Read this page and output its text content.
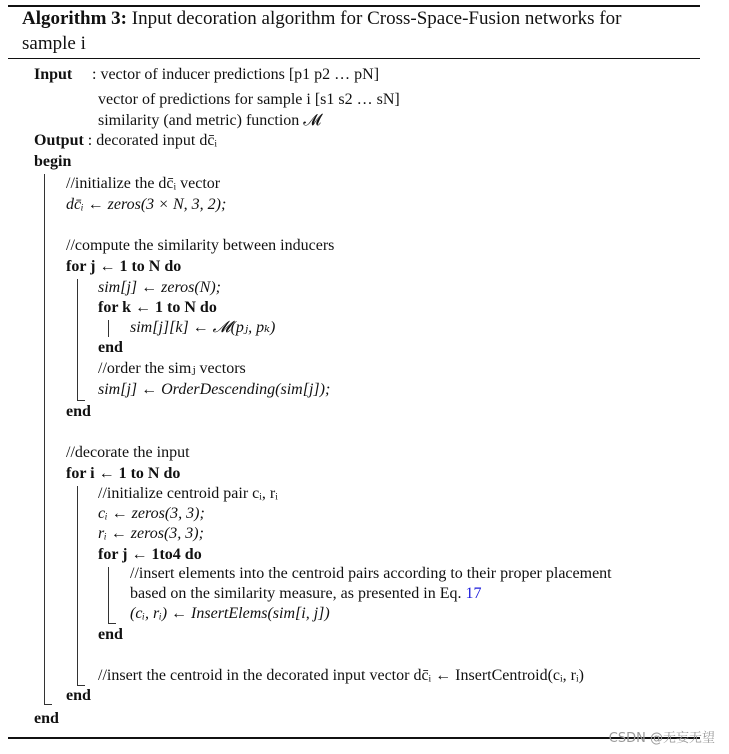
Algorithm 3: Input decoration algorithm for Cross-Space-Fusion networks for
sample i
Input : vector of inducer predictions [p1 p2 … pN]
vector of predictions for sample i [s1 s2 … sN]
similarity (and metric) function 𝓜
Output : decorated input dc̄ᵢ
begin
//initialize the dc̄ᵢ vector
dc̄ᵢ ← zeros(3 × N, 3, 2);
//compute the similarity between inducers
for j ← 1 to N do
sim[j] ← zeros(N);
for k ← 1 to N do
sim[j][k] ← 𝓜(pⱼ, pₖ)
end
//order the simⱼ vectors
sim[j] ← OrderDescending(sim[j]);
end
//decorate the input
for i ← 1 to N do
//initialize centroid pair cᵢ, rᵢ
cᵢ ← zeros(3, 3);
rᵢ ← zeros(3, 3);
for j ← 1to4 do
//insert elements into the centroid pairs according to their proper placement
based on the similarity measure, as presented in Eq. 17
(cᵢ, rᵢ) ← InsertElems(sim[i, j])
end
//insert the centroid in the decorated input vector dc̄ᵢ ← InsertCentroid(cᵢ, rᵢ)
end
end
CSDN @无妄无望
